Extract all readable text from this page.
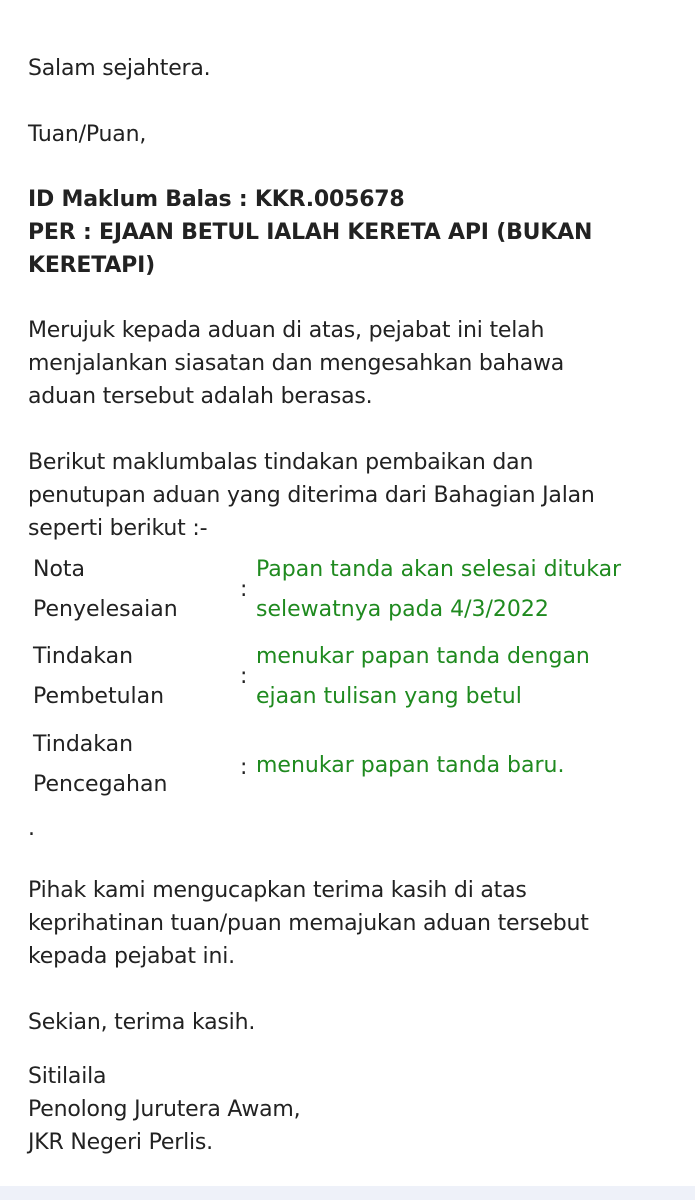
Salam sejahtera.
Tuan/Puan,
ID Maklum Balas : KKR.005678
PER : EJAAN BETUL IALAH KERETA API (BUKAN
KERETAPI)
Merujuk kepada aduan di atas, pejabat ini telah
menjalankan siasatan dan mengesahkan bahawa
aduan tersebut adalah berasas.
Berikut maklumbalas tindakan pembaikan dan
penutupan aduan yang diterima dari Bahagian Jalan
seperti berikut :-
Nota
Penyelesaian
:
Papan tanda akan selesai ditukar
selewatnya pada 4/3/2022
Tindakan
Pembetulan
:
menukar papan tanda dengan
ejaan tulisan yang betul
Tindakan
Pencegahan
: menukar papan tanda baru.
.
Pihak kami mengucapkan terima kasih di atas
keprihatinan tuan/puan memajukan aduan tersebut
kepada pejabat ini.
Sekian, terima kasih.
Sitilaila
Penolong Jurutera Awam,
JKR Negeri Perlis.
